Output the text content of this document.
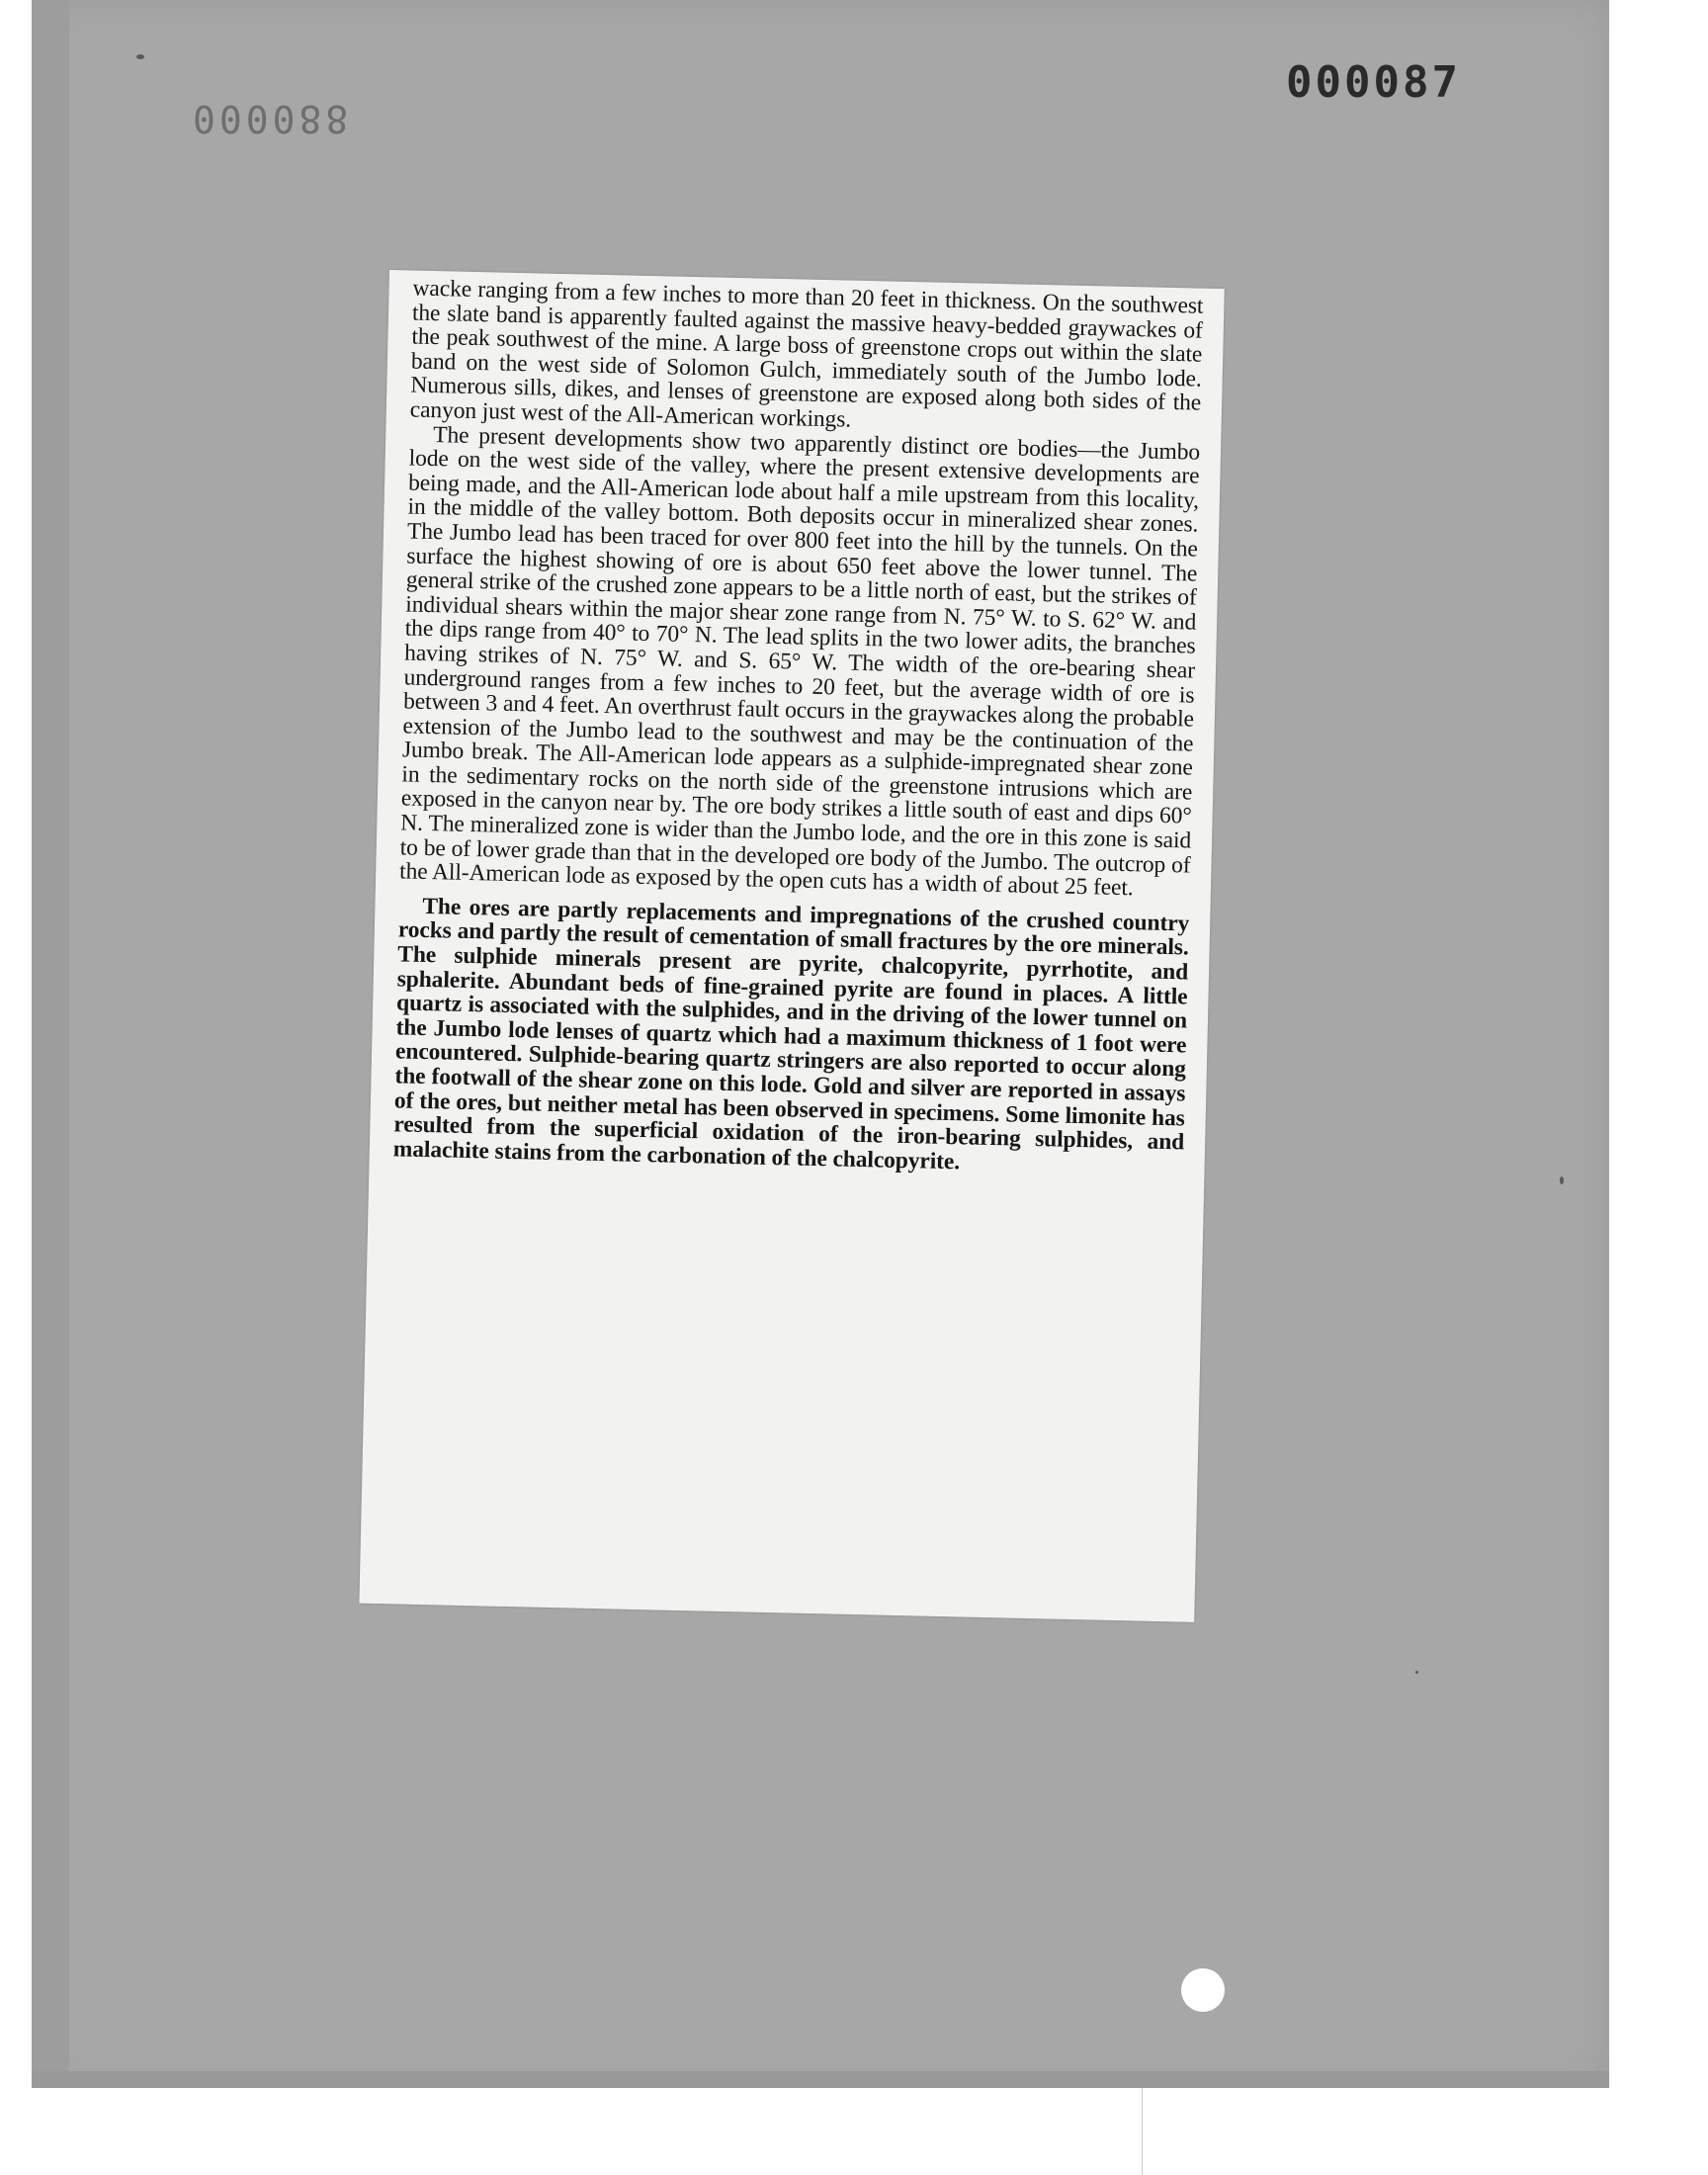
880000
000087

wacke ranging from a few inches to more than 20 feet in thickness. On the southwest the slate band is apparently faulted against the massive heavy-bedded graywackes of the peak southwest of the mine. A large boss of greenstone crops out within the slate band on the west side of Solomon Gulch, immediately south of the Jumbo lode. Numerous sills, dikes, and lenses of greenstone are exposed along both sides of the canyon just west of the All-American workings.

The present developments show two apparently distinct ore bodies—the Jumbo lode on the west side of the valley, where the present extensive developments are being made, and the All-American lode about half a mile upstream from this locality, in the middle of the valley bottom. Both deposits occur in mineralized shear zones. The Jumbo lead has been traced for over 800 feet into the hill by the tunnels. On the surface the highest showing of ore is about 650 feet above the lower tunnel. The general strike of the crushed zone appears to be a little north of east, but the strikes of individual shears within the major shear zone range from N. 75° W. to S. 62° W. and the dips range from 40° to 70° N. The lead splits in the two lower adits, the branches having strikes of N. 75° W. and S. 65° W. The width of the ore-bearing shear underground ranges from a few inches to 20 feet, but the average width of ore is between 3 and 4 feet. An overthrust fault occurs in the graywackes along the probable extension of the Jumbo lead to the southwest and may be the continuation of the Jumbo break. The All-American lode appears as a sulphide-impregnated shear zone in the sedimentary rocks on the north side of the greenstone intrusions which are exposed in the canyon near by. The ore body strikes a little south of east and dips 60° N. The mineralized zone is wider than the Jumbo lode, and the ore in this zone is said to be of lower grade than that in the developed ore body of the Jumbo. The outcrop of the All-American lode as exposed by the open cuts has a width of about 25 feet.

The ores are partly replacements and impregnations of the crushed country rocks and partly the result of cementation of small fractures by the ore minerals. The sulphide minerals present are pyrite, chalcopyrite, pyrrhotite, and sphalerite. Abundant beds of fine-grained pyrite are found in places. A little quartz is associated with the sulphides, and in the driving of the lower tunnel on the Jumbo lode lenses of quartz which had a maximum thickness of 1 foot were encountered. Sulphide-bearing quartz stringers are also reported to occur along the footwall of the shear zone on this lode. Gold and silver are reported in assays of the ores, but neither metal has been observed in specimens. Some limonite has resulted from the superficial oxidation of the iron-bearing sulphides, and malachite stains from the carbonation of the chalcopyrite.
